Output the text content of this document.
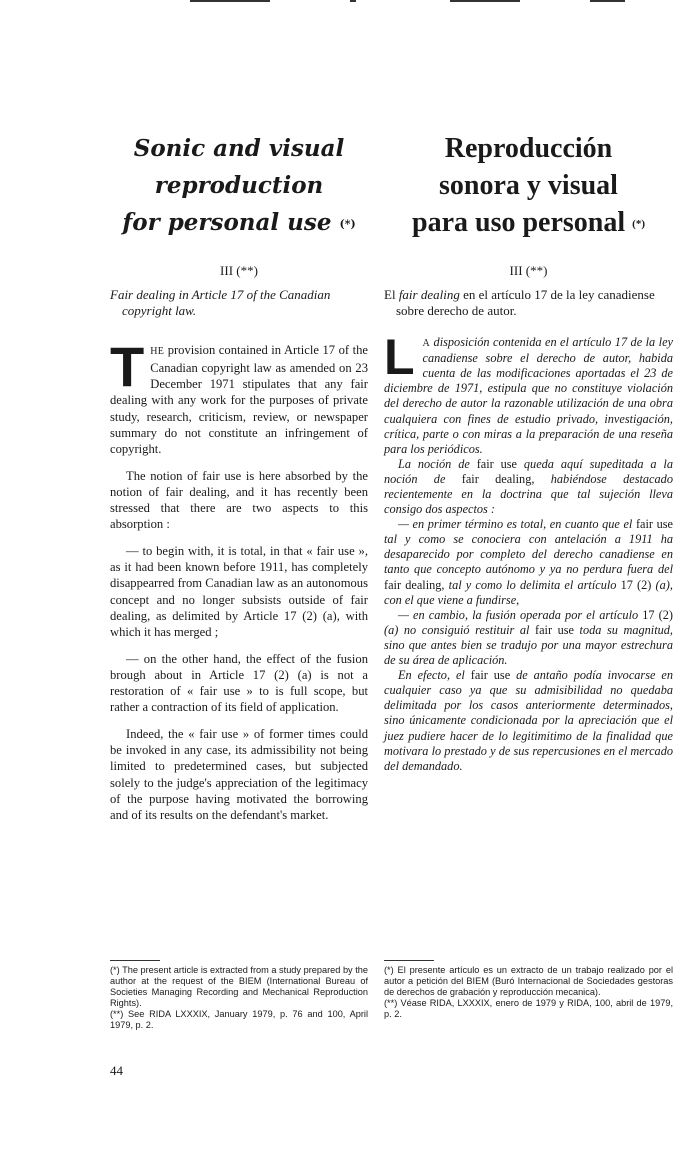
Sonic and visual
reproduction
for personal use (*)
III (**)

Fair dealing in Article 17 of the Canadian copyright law.

THE provision contained in Article 17 of the Canadian copyright law as amended on 23 December 1971 stipulates that any fair dealing with any work for the purposes of private study, research, criticism, review, or newspaper summary do not constitute an infringement of copyright.

The notion of fair use is here absorbed by the notion of fair dealing, and it has recently been stressed that there are two aspects to this absorption :

— to begin with, it is total, in that « fair use », as it had been known before 1911, has completely disappearred from Canadian law as an autonomous concept and no longer subsists outside of fair dealing, as delimited by Article 17 (2) (a), with which it has merged ;

— on the other hand, the effect of the fusion brough about in Article 17 (2) (a) is not a restoration of « fair use » to is full scope, but rather a contraction of its field of application.

Indeed, the « fair use » of former times could be invoked in any case, its admissibility not being limited to predetermined cases, but subjected solely to the judge's appreciation of the legitimacy of the purpose having motivated the borrowing and of its results on the defendant's market.

Reproducción
sonora y visual
para uso personal (*)
III (**)

El fair dealing en el artículo 17 de la ley canadiense sobre derecho de autor.

L A disposición contenida en el artículo 17 de la ley canadiense sobre el derecho de autor, habida cuenta de las modificaciones aportadas el 23 de diciembre de 1971, estipula que no constituye violación del derecho de autor la razonable utilización de una obra cualquiera con fines de estudio privado, investigación, crítica, parte o con miras a la preparación de una reseña para los periódicos.

La noción de fair use queda aquí supeditada a la noción de fair dealing, habiéndose destacado recientemente en la doctrina que tal sujeción lleva consigo dos aspectos :

— en primer término es total, en cuanto que el fair use tal y como se conociera con antelación a 1911 ha desaparecido por completo del derecho canadiense en tanto que concepto autónomo y ya no perdura fuera del fair dealing, tal y como lo delimita el artículo 17 (2) (a), con el que viene a fundirse,

— en cambio, la fusión operada por el artículo 17 (2) (a) no consiguió restituir al fair use toda su magnitud, sino que antes bien se tradujo por una mayor estrechura de su área de aplicación.

En efecto, el fair use de antaño podía invocarse en cualquier caso ya que su admisibilidad no quedaba delimitada por los casos anteriormente determinados, sino únicamente condicionada por la apreciación que el juez pudiere hacer de lo legitimitimo de la finalidad que motivara lo prestado y de sus repercusiones en el mercado del demandado.

(*) The present article is extracted from a study prepared by the author at the request of the BIEM (International Bureau of Societies Managing Recording and Mechanical Reproduction Rights).

(**) See RIDA LXXXIX, January 1979, p. 76 and 100, April 1979, p. 2.

(*) El presente artículo es un extracto de un trabajo realizado por el autor a petición del BIEM (Buró Internacional de Sociedades gestoras de derechos de grabación y reproducción mecanica).

(**) Véase RIDA, LXXXIX, enero de 1979 y RIDA, 100, abril de 1979, p. 2.

44
